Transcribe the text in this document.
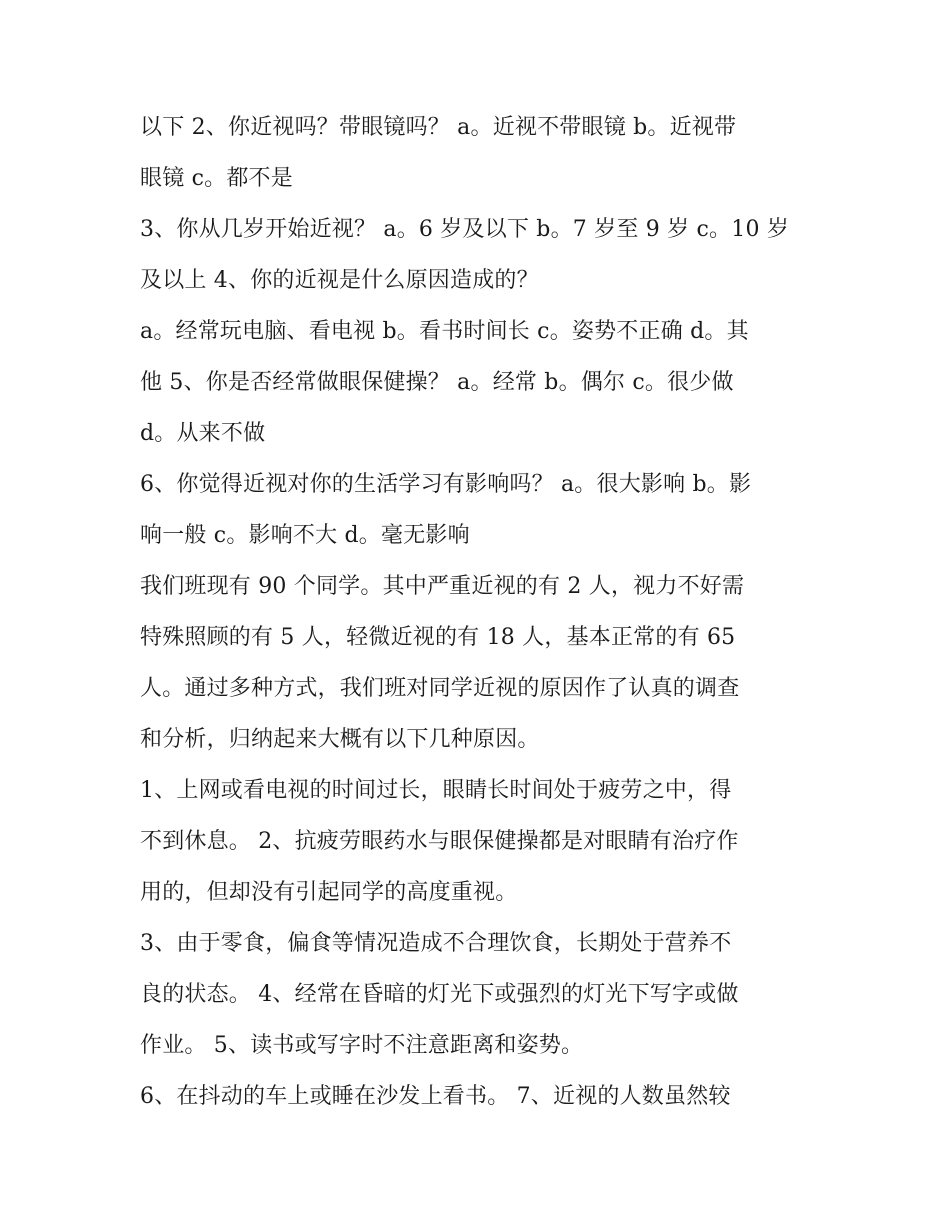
以下 2、你近视吗？带眼镜吗？ a。近视不带眼镜 b。近视带
眼镜 c。都不是
3、你从几岁开始近视？ a。6 岁及以下 b。7 岁至 9 岁 c。10 岁
及以上 4、你的近视是什么原因造成的？
a。经常玩电脑、看电视 b。看书时间长 c。姿势不正确 d。其
他 5、你是否经常做眼保健操？ a。经常 b。偶尔 c。很少做
d。从来不做
6、你觉得近视对你的生活学习有影响吗？ a。很大影响 b。影
响一般 c。影响不大 d。毫无影响
我们班现有 90 个同学。其中严重近视的有 2 人，视力不好需
特殊照顾的有 5 人，轻微近视的有 18 人，基本正常的有 65
人。通过多种方式，我们班对同学近视的原因作了认真的调查
和分析，归纳起来大概有以下几种原因。
1、上网或看电视的时间过长，眼睛长时间处于疲劳之中，得
不到休息。 2、抗疲劳眼药水与眼保健操都是对眼睛有治疗作
用的，但却没有引起同学的高度重视。
3、由于零食，偏食等情况造成不合理饮食，长期处于营养不
良的状态。 4、经常在昏暗的灯光下或强烈的灯光下写字或做
作业。 5、读书或写字时不注意距离和姿势。
6、在抖动的车上或睡在沙发上看书。 7、近视的人数虽然较
